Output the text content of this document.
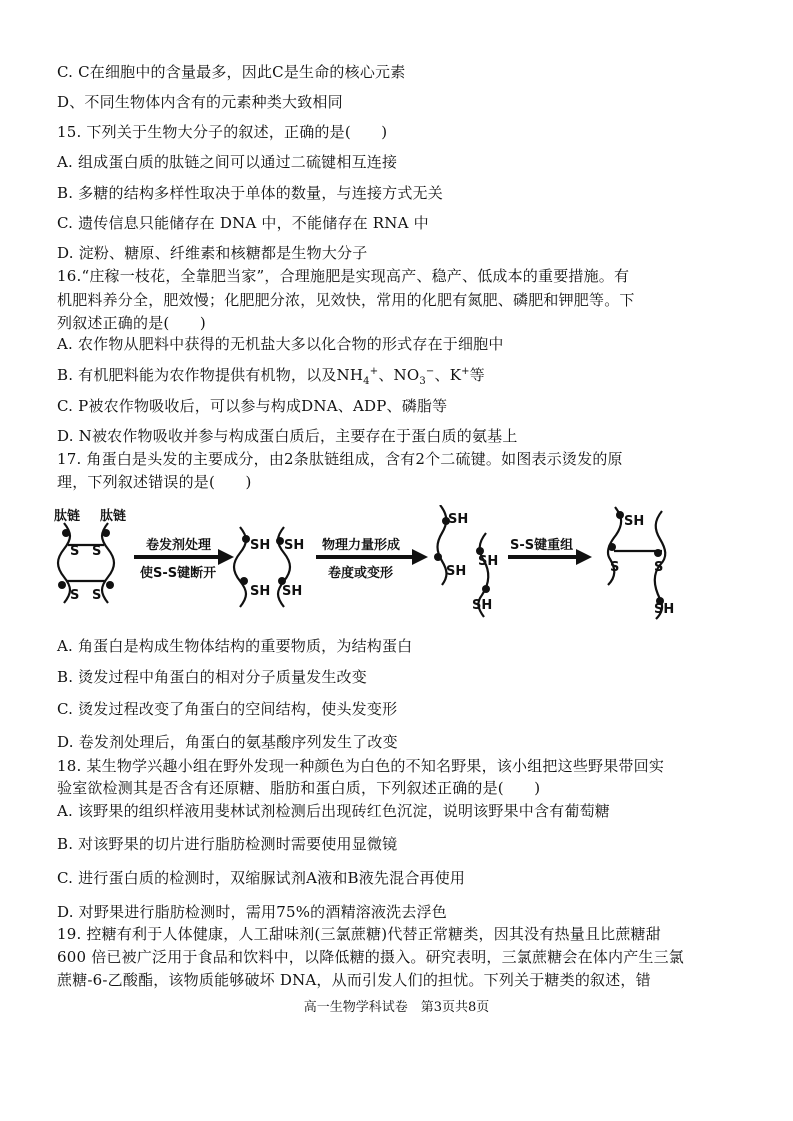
C. C在细胞中的含量最多，因此C是生命的核心元素
D、不同生物体内含有的元素种类大致相同
15. 下列关于生物大分子的叙述，正确的是(　　)
A. 组成蛋白质的肽链之间可以通过二硫键相互连接
B. 多糖的结构多样性取决于单体的数量，与连接方式无关
C. 遗传信息只能储存在 DNA 中，不能储存在 RNA 中
D. 淀粉、糖原、纤维素和核糖都是生物大分子
16.“庄稼一枝花，全靠肥当家”，合理施肥是实现高产、稳产、低成本的重要措施。有
机肥料养分全，肥效慢；化肥肥分浓，见效快，常用的化肥有氮肥、磷肥和钾肥等。下
列叙述正确的是(　　)
A. 农作物从肥料中获得的无机盐大多以化合物的形式存在于细胞中
B. 有机肥料能为农作物提供有机物，以及$NH_4^+$、$NO_3^-$、K+等
C. P被农作物吸收后，可以参与构成DNA、ADP、磷脂等
D. N被农作物吸收并参与构成蛋白质后，主要存在于蛋白质的氨基上
17. 角蛋白是头发的主要成分，由2条肽链组成，含有2个二硫键。如图表示烫发的原
理，下列叙述错误的是(　　)
肽链 肽链
S S
S S
卷发剂处理
使S-S键断开
SH SH
SH SH
物理力量形成
卷度或变形
SH
SH
SH
SH
S-S键重组
SH
S	S
SH
A. 角蛋白是构成生物体结构的重要物质，为结构蛋白
B. 烫发过程中角蛋白的相对分子质量发生改变
C. 烫发过程改变了角蛋白的空间结构，使头发变形
D. 卷发剂处理后，角蛋白的氨基酸序列发生了改变
18. 某生物学兴趣小组在野外发现一种颜色为白色的不知名野果，该小组把这些野果带回实
验室欲检测其是否含有还原糖、脂肪和蛋白质，下列叙述正确的是(　　)
A. 该野果的组织样液用斐林试剂检测后出现砖红色沉淀，说明该野果中含有葡萄糖
B. 对该野果的切片进行脂肪检测时需要使用显微镜
C. 进行蛋白质的检测时，双缩脲试剂A液和B液先混合再使用
D. 对野果进行脂肪检测时，需用75%的酒精溶液洗去浮色
19. 控糖有利于人体健康，人工甜味剂(三氯蔗糖)代替正常糖类，因其没有热量且比蔗糖甜
600 倍已被广泛用于食品和饮料中，以降低糖的摄入。研究表明，三氯蔗糖会在体内产生三氯
蔗糖-6-乙酸酯，该物质能够破坏 DNA，从而引发人们的担忧。下列关于糖类的叙述，错
高一生物学科试卷　第3页共8页
